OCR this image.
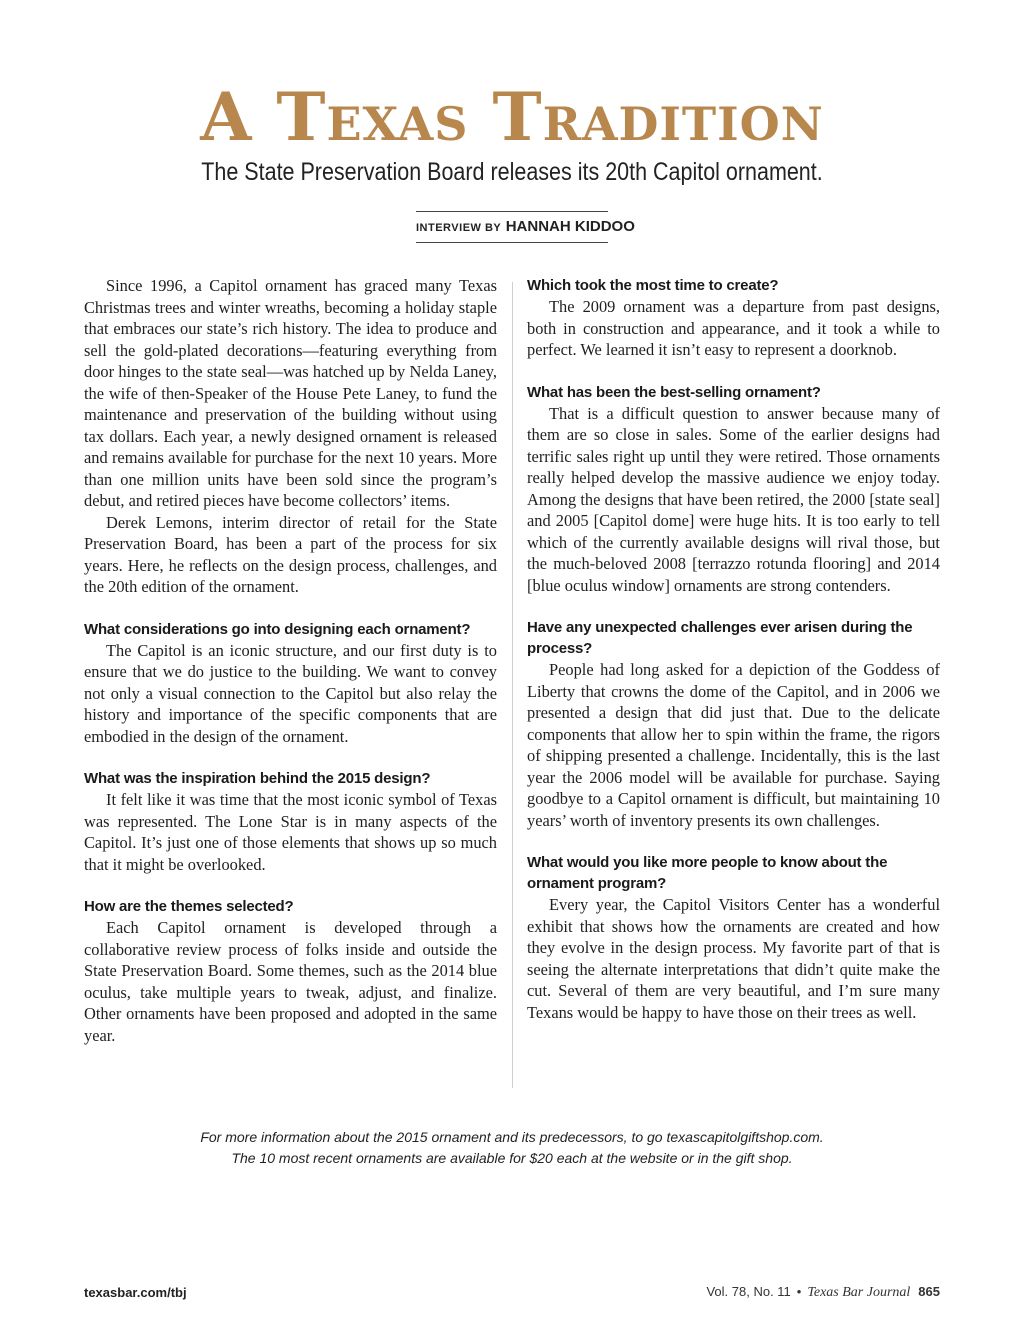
A Texas Tradition
The State Preservation Board releases its 20th Capitol ornament.
INTERVIEW BY HANNAH KIDDOO

Since 1996, a Capitol ornament has graced many Texas Christmas trees and winter wreaths, becoming a holiday staple that embraces our state’s rich history. The idea to produce and sell the gold-plated decorations—featuring everything from door hinges to the state seal—was hatched up by Nelda Laney, the wife of then-Speaker of the House Pete Laney, to fund the maintenance and preservation of the building without using tax dollars. Each year, a newly designed ornament is released and remains available for purchase for the next 10 years. More than one million units have been sold since the program’s debut, and retired pieces have become collectors’ items.

Derek Lemons, interim director of retail for the State Preservation Board, has been a part of the process for six years. Here, he reflects on the design process, challenges, and the 20th edition of the ornament.

What considerations go into designing each ornament?

The Capitol is an iconic structure, and our first duty is to ensure that we do justice to the building. We want to convey not only a visual connection to the Capitol but also relay the history and importance of the specific components that are embodied in the design of the ornament.

What was the inspiration behind the 2015 design?

It felt like it was time that the most iconic symbol of Texas was represented. The Lone Star is in many aspects of the Capitol. It’s just one of those elements that shows up so much that it might be overlooked.

How are the themes selected?

Each Capitol ornament is developed through a collaborative review process of folks inside and outside the State Preservation Board. Some themes, such as the 2014 blue oculus, take multiple years to tweak, adjust, and finalize. Other ornaments have been proposed and adopted in the same year.

Which took the most time to create?

The 2009 ornament was a departure from past designs, both in construction and appearance, and it took a while to perfect. We learned it isn’t easy to represent a doorknob.

What has been the best-selling ornament?

That is a difficult question to answer because many of them are so close in sales. Some of the earlier designs had terrific sales right up until they were retired. Those ornaments really helped develop the massive audience we enjoy today. Among the designs that have been retired, the 2000 [state seal] and 2005 [Capitol dome] were huge hits. It is too early to tell which of the currently available designs will rival those, but the much-beloved 2008 [terrazzo rotunda flooring] and 2014 [blue oculus window] ornaments are strong contenders.

Have any unexpected challenges ever arisen during the process?

People had long asked for a depiction of the Goddess of Liberty that crowns the dome of the Capitol, and in 2006 we presented a design that did just that. Due to the delicate components that allow her to spin within the frame, the rigors of shipping presented a challenge. Incidentally, this is the last year the 2006 model will be available for purchase. Saying goodbye to a Capitol ornament is difficult, but maintaining 10 years’ worth of inventory presents its own challenges.

What would you like more people to know about the ornament program?

Every year, the Capitol Visitors Center has a wonderful exhibit that shows how the ornaments are created and how they evolve in the design process. My favorite part of that is seeing the alternate interpretations that didn’t quite make the cut. Several of them are very beautiful, and I’m sure many Texans would be happy to have those on their trees as well.

For more information about the 2015 ornament and its predecessors, to go texascapitolgiftshop.com.
The 10 most recent ornaments are available for $20 each at the website or in the gift shop.
texasbar.com/tbj	Vol. 78, No. 11 • Texas Bar Journal 865
